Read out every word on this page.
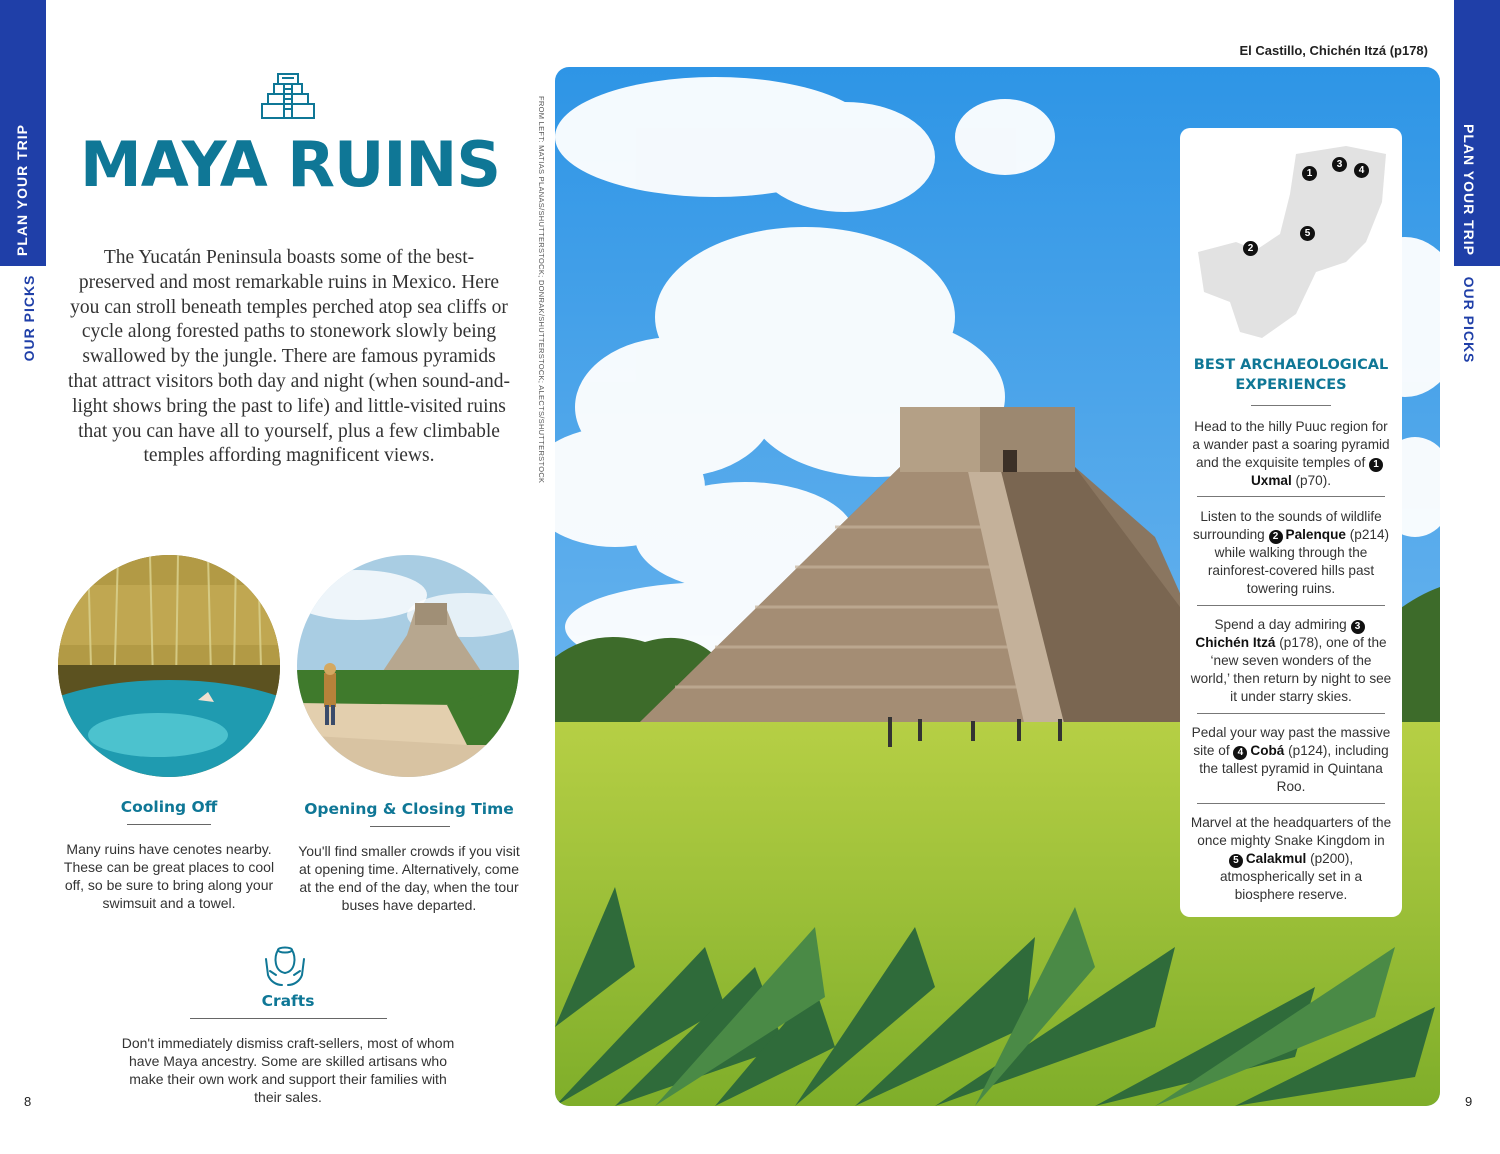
PLAN YOUR TRIP
OUR PICKS
PLAN YOUR TRIP
OUR PICKS
8	9
MAYA RUINS
The Yucatán Peninsula boasts some of the best-preserved and most remarkable ruins in Mexico. Here you can stroll beneath temples perched atop sea cliffs or cycle along forested paths to stonework slowly being swallowed by the jungle. There are famous pyramids that attract visitors both day and night (when sound-and-light shows bring the past to life) and little-visited ruins that you can have all to yourself, plus a few climbable temples affording magnificent views.
Cooling Off
Many ruins have cenotes nearby. These can be great places to cool off, so be sure to bring along your swimsuit and a towel.
Opening & Closing Time
You'll find smaller crowds if you visit at opening time. Alternatively, come at the end of the day, when the tour buses have departed.
Crafts
Don't immediately dismiss craft-sellers, most of whom have Maya ancestry. Some are skilled artisans who make their own work and support their families with their sales.
FROM LEFT: MATIAS PLANAS/SHUTTERSTOCK; DONRAK/SHUTTERSTOCK; ALECTS/SHUTTERSTOCK
El Castillo, Chichén Itzá (p178)
1
2
3
4
5
BEST ARCHAEOLOGICAL EXPERIENCES
Head to the hilly Puuc region for a wander past a soaring pyramid and the exquisite temples of 1Uxmal (p70).
Listen to the sounds of wildlife surrounding 2 Palenque (p214) while walking through the rainforest-covered hills past towering ruins.
Spend a day admiring 3Chichén Itzá (p178), one of the ‘new seven wonders of the world,’ then return by night to see it under starry skies.
Pedal your way past the massive site of 4 Cobá (p124), including the tallest pyramid in Quintana Roo.
Marvel at the headquarters of the once mighty Snake Kingdom in 5 Calakmul (p200), atmospherically set in a biosphere reserve.
